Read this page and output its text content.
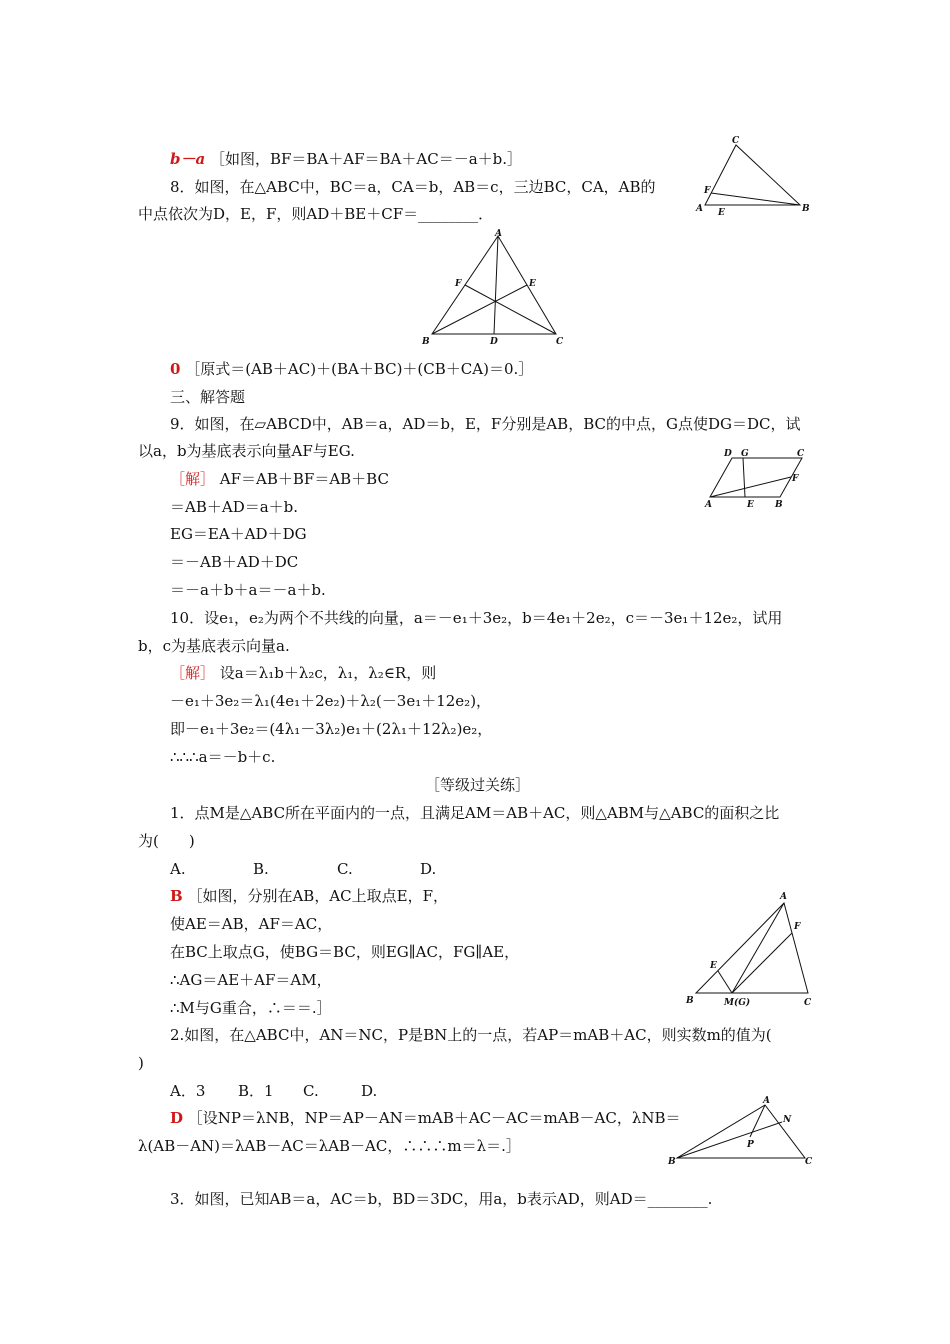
b－a ［如图，BF＝BA＋AF＝BA＋AC＝－a＋b.］
8．如图，在△ABC中，BC＝a，CA＝b，AB＝c，三边BC，CA，AB的
中点依次为D，E，F，则AD＋BE＋CF＝________．
0 ［原式＝(AB＋AC)＋(BA＋BC)＋(CB＋CA)＝0.］
三、解答题
9．如图，在▱ABCD中，AB＝a，AD＝b，E，F分别是AB，BC的中点，G点使DG＝DC，试
以a，b为基底表示向量AF与EG.
［解］ AF＝AB＋BF＝AB＋BC
＝AB＋AD＝a＋b.
EG＝EA＋AD＋DG
＝－AB＋AD＋DC
＝－a＋b＋a＝－a＋b.
10．设e₁，e₂为两个不共线的向量，a＝－e₁＋3e₂，b＝4e₁＋2e₂，c＝－3e₁＋12e₂，试用
b，c为基底表示向量a.
［解］ 设a＝λ₁b＋λ₂c，λ₁，λ₂∈R，则
－e₁＋3e₂＝λ₁(4e₁＋2e₂)＋λ₂(－3e₁＋12e₂)，
即－e₁＋3e₂＝(4λ₁－3λ₂)e₁＋(2λ₁＋12λ₂)e₂，
∴∴∴a＝－b＋c.
［等级过关练］
1．点M是△ABC所在平面内的一点，且满足AM＝AB＋AC，则△ABM与△ABC的面积之比
为(　　)
A.	B.	C.	D.
B ［如图，分别在AB，AC上取点E，F，
使AE＝AB，AF＝AC，
在BC上取点G，使BG＝BC，则EG∥AC，FG∥AE，
∴AG＝AE＋AF＝AM，
∴M与G重合，∴＝＝.］
2.如图，在△ABC中，AN＝NC，P是BN上的一点，若AP＝mAB＋AC，则实数m的值为(
)
A．3 B．1 C.	D.
D ［设NP＝λNB，NP＝AP－AN＝mAB＋AC－AC＝mAB－AC，λNB＝
λ(AB－AN)＝λAB－AC＝λAB－AC，∴∴∴m＝λ＝.］
3．如图，已知AB＝a，AC＝b，BD＝3DC，用a，b表示AD，则AD＝________.
C
B
A
F
E
A
B	C
D
E
F
D G	C
F
A	E B
A
F
E
B	M(G)	C
A
N
P
B	C
